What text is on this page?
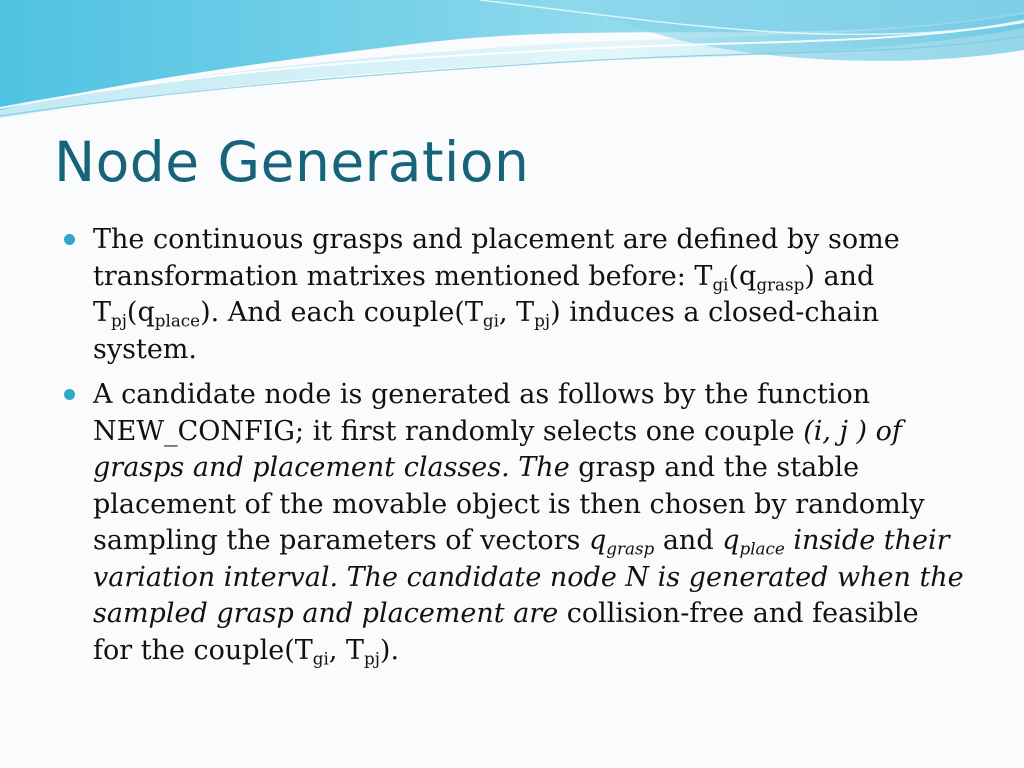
Node Generation
The continuous grasps and placement are defined by some transformation matrixes mentioned before: $T_{gi}(q_{grasp})$ and $T_{pj}(q_{place})$. And each $couple(T_{gi}$, $T_{pj}$) induces a closed-chain system.
A candidate node is generated as follows by the function NEW_CONFIG; it first randomly selects one couple (i, j ) of grasps and placement classes. The grasp and the stable placement of the movable object is then chosen by randomly sampling the parameters of vectors $q_{grasp}$ and $q_{place}$ inside their variation interval. The candidate node N is generated when the sampled grasp and placement are collision-free and feasible for the $couple(T_{gi}$, $T_{pj}$).
